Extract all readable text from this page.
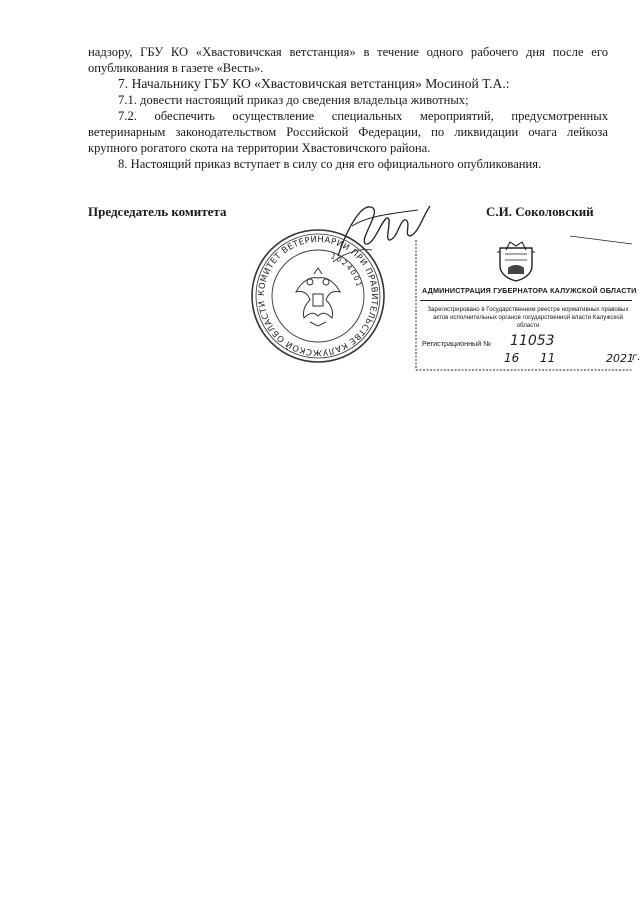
надзору, ГБУ КО «Хвастовичская ветстанция» в течение одного рабочего дня после его опубликования в газете «Весть».

7. Начальнику ГБУ КО «Хвастовичская ветстанция» Мосиной Т.А.:

7.1. довести настоящий приказ до сведения владельца животных;

7.2. обеспечить осуществление специальных мероприятий, предусмотренных ветеринарным законодательством Российской Федерации, по ликвидации очага лейкоза крупного рогатого скота на территории Хвастовичского района.

8. Настоящий приказ вступает в силу со дня его официального опубликования.

Председатель комитета	С.И. Соколовский
КОМИТЕТ ВЕТЕРИНАРИИ ПРИ ПРАВИТЕЛЬСТВЕ КАЛУЖСКОЙ ОБЛАСТИ
1024001
АДМИНИСТРАЦИЯ ГУБЕРНАТОРА КАЛУЖСКОЙ ОБЛАСТИ
Зарегистрировано в Государственном реестре нормативных правовых актов исполнительных органов государственной власти Калужской области
Регистрационный № 11053
16 11	2021
г.
